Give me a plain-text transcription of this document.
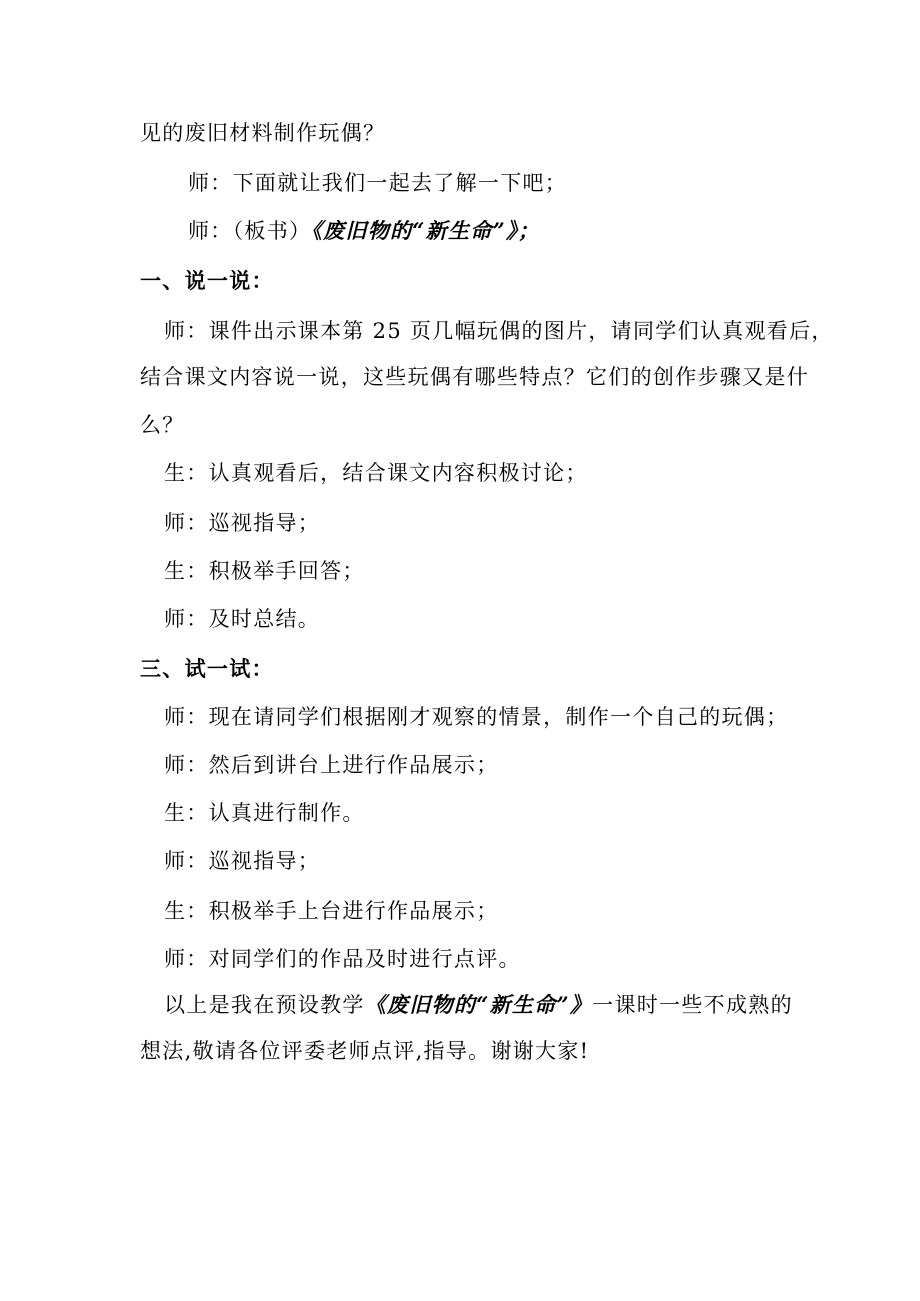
见的废旧材料制作玩偶？
师：下面就让我们一起去了解一下吧；
师：（板书）《废旧物的“新生命”》；
一、说一说：
师：课件出示课本第 25 页几幅玩偶的图片，请同学们认真观看后，
结合课文内容说一说，这些玩偶有哪些特点？它们的创作步骤又是什
么？
生：认真观看后，结合课文内容积极讨论；
师：巡视指导；
生：积极举手回答；
师：及时总结。
三、试一试：
师：现在请同学们根据刚才观察的情景，制作一个自己的玩偶；
师：然后到讲台上进行作品展示；
生：认真进行制作。
师：巡视指导；
生：积极举手上台进行作品展示；
师：对同学们的作品及时进行点评。
以上是我在预设教学《废旧物的“新生命”》一课时一些不成熟的
想法,敬请各位评委老师点评,指导。谢谢大家!
